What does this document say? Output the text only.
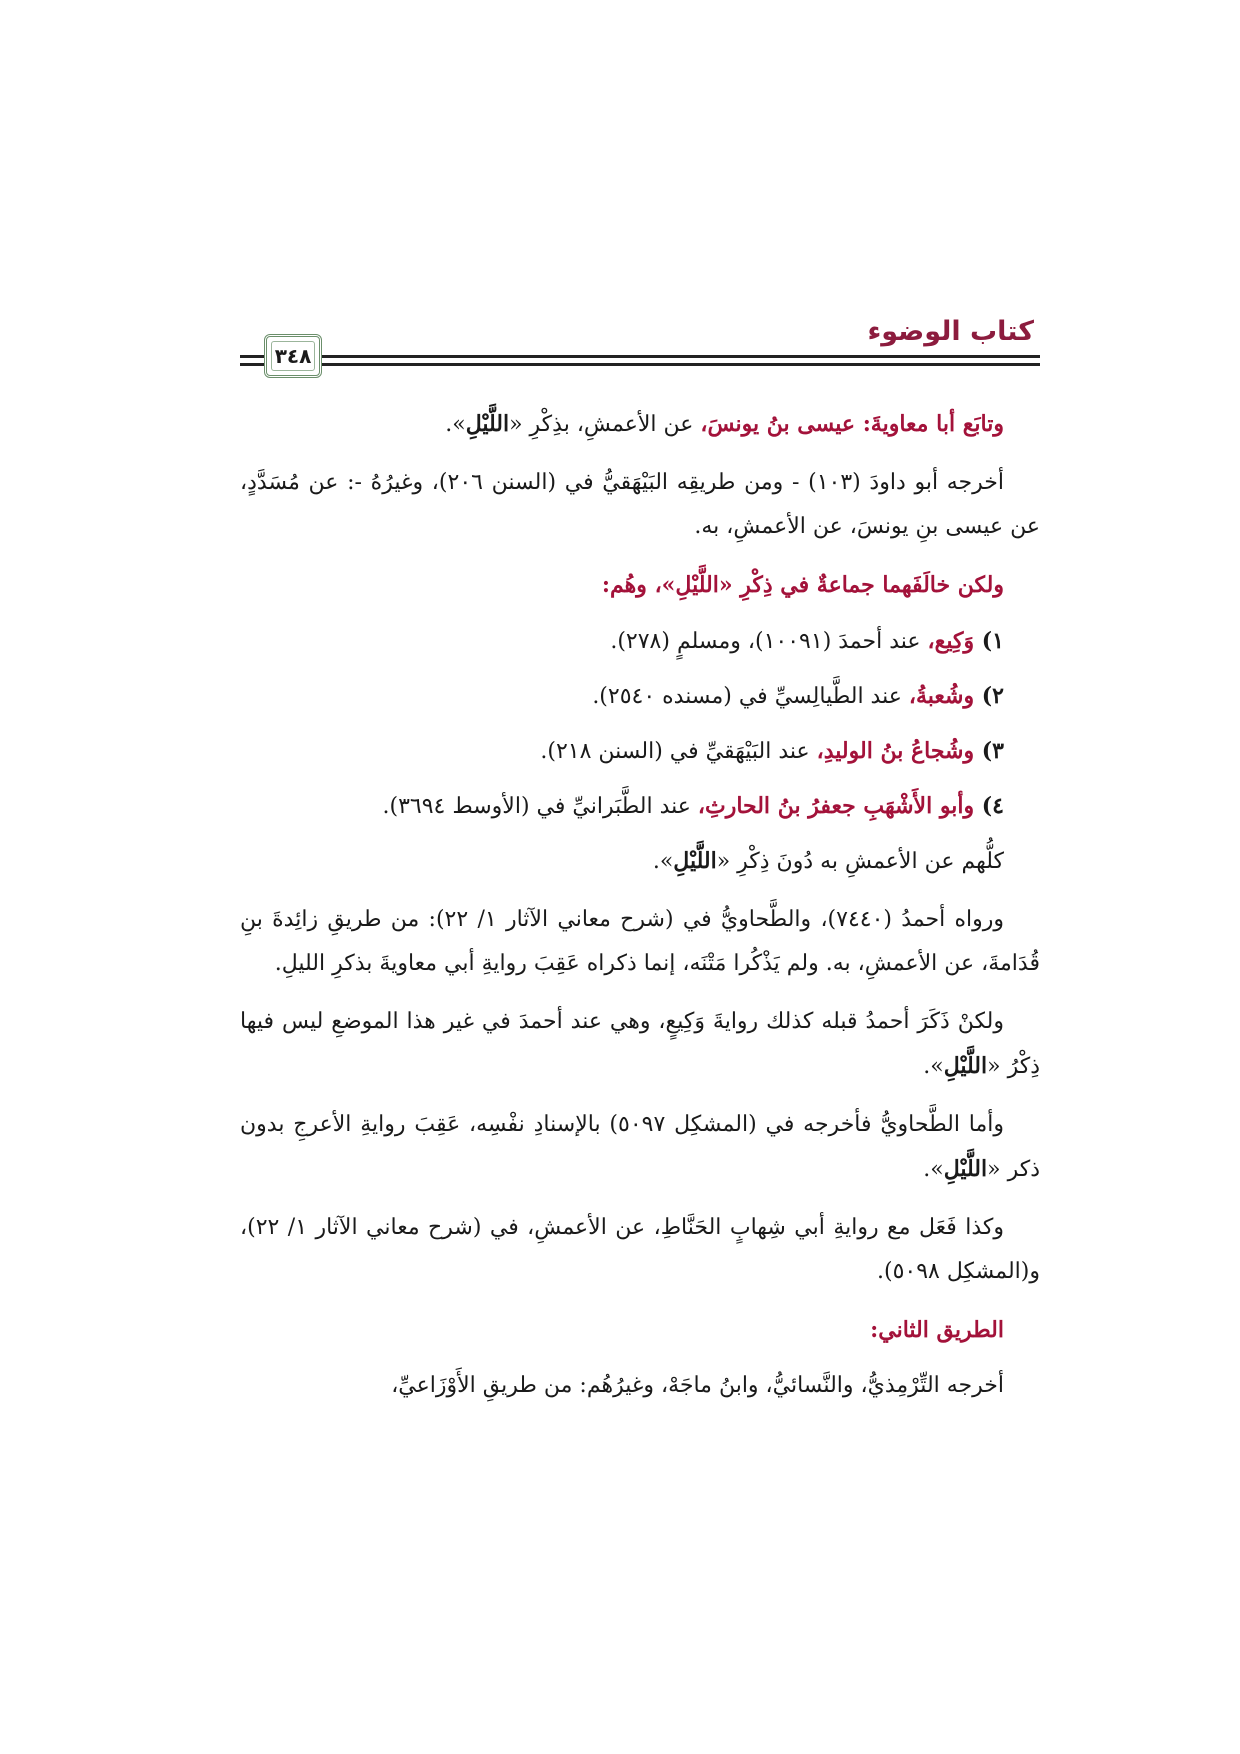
كتاب الوضوء
٣٤٨

وتابَع أبا معاويةَ: عيسى بنُ يونسَ، عن الأعمشِ، بذِكْرِ «اللَّيْلِ».

أخرجه أبو داودَ (١٠٣) - ومن طريقِه البَيْهَقيُّ في (السنن ٢٠٦)، وغيرُهُ -: عن مُسَدَّدٍ، عن عيسى بنِ يونسَ، عن الأعمشِ، به.

ولكن خالَفَهما جماعةٌ في ذِكْرِ «اللَّيْلِ»، وهُم:
١) وَكِيع، عند أحمدَ (١٠٠٩١)، ومسلمٍ (٢٧٨).
٢) وشُعبةُ، عند الطَّيالِسيِّ في (مسنده ٢٥٤٠).
٣) وشُجاعُ بنُ الوليدِ، عند البَيْهَقيِّ في (السنن ٢١٨).
٤) وأبو الأَشْهَبِ جعفرُ بنُ الحارثِ، عند الطَّبَرانيِّ في (الأوسط ٣٦٩٤).

كلُّهم عن الأعمشِ به دُونَ ذِكْرِ «اللَّيْلِ».

ورواه أحمدُ (٧٤٤٠)، والطَّحاويُّ في (شرح معاني الآثار ١/ ٢٢): من طريقِ زائِدةَ بنِ قُدَامةَ، عن الأعمشِ، به. ولم يَذْكُرا مَتْنَه، إنما ذكراه عَقِبَ روايةِ أبي معاويةَ بذكرِ الليلِ.

ولكنْ ذَكَرَ أحمدُ قبله كذلك روايةَ وَكِيعٍ، وهي عند أحمدَ في غير هذا الموضعِ ليس فيها ذِكْرُ «اللَّيْلِ».

وأما الطَّحاويُّ فأخرجه في (المشكِل ٥٠٩٧) بالإسنادِ نفْسِه، عَقِبَ روايةِ الأعرجِ بدون ذكر «اللَّيْلِ».

وكذا فَعَل مع روايةِ أبي شِهابٍ الحَنَّاطِ، عن الأعمشِ، في (شرح معاني الآثار ١/ ٢٢)، و(المشكِل ٥٠٩٨).

الطريق الثاني:

أخرجه التِّرْمِذيُّ، والنَّسائيُّ، وابنُ ماجَهْ، وغيرُهُم: من طريقِ الأَوْزَاعيِّ،
